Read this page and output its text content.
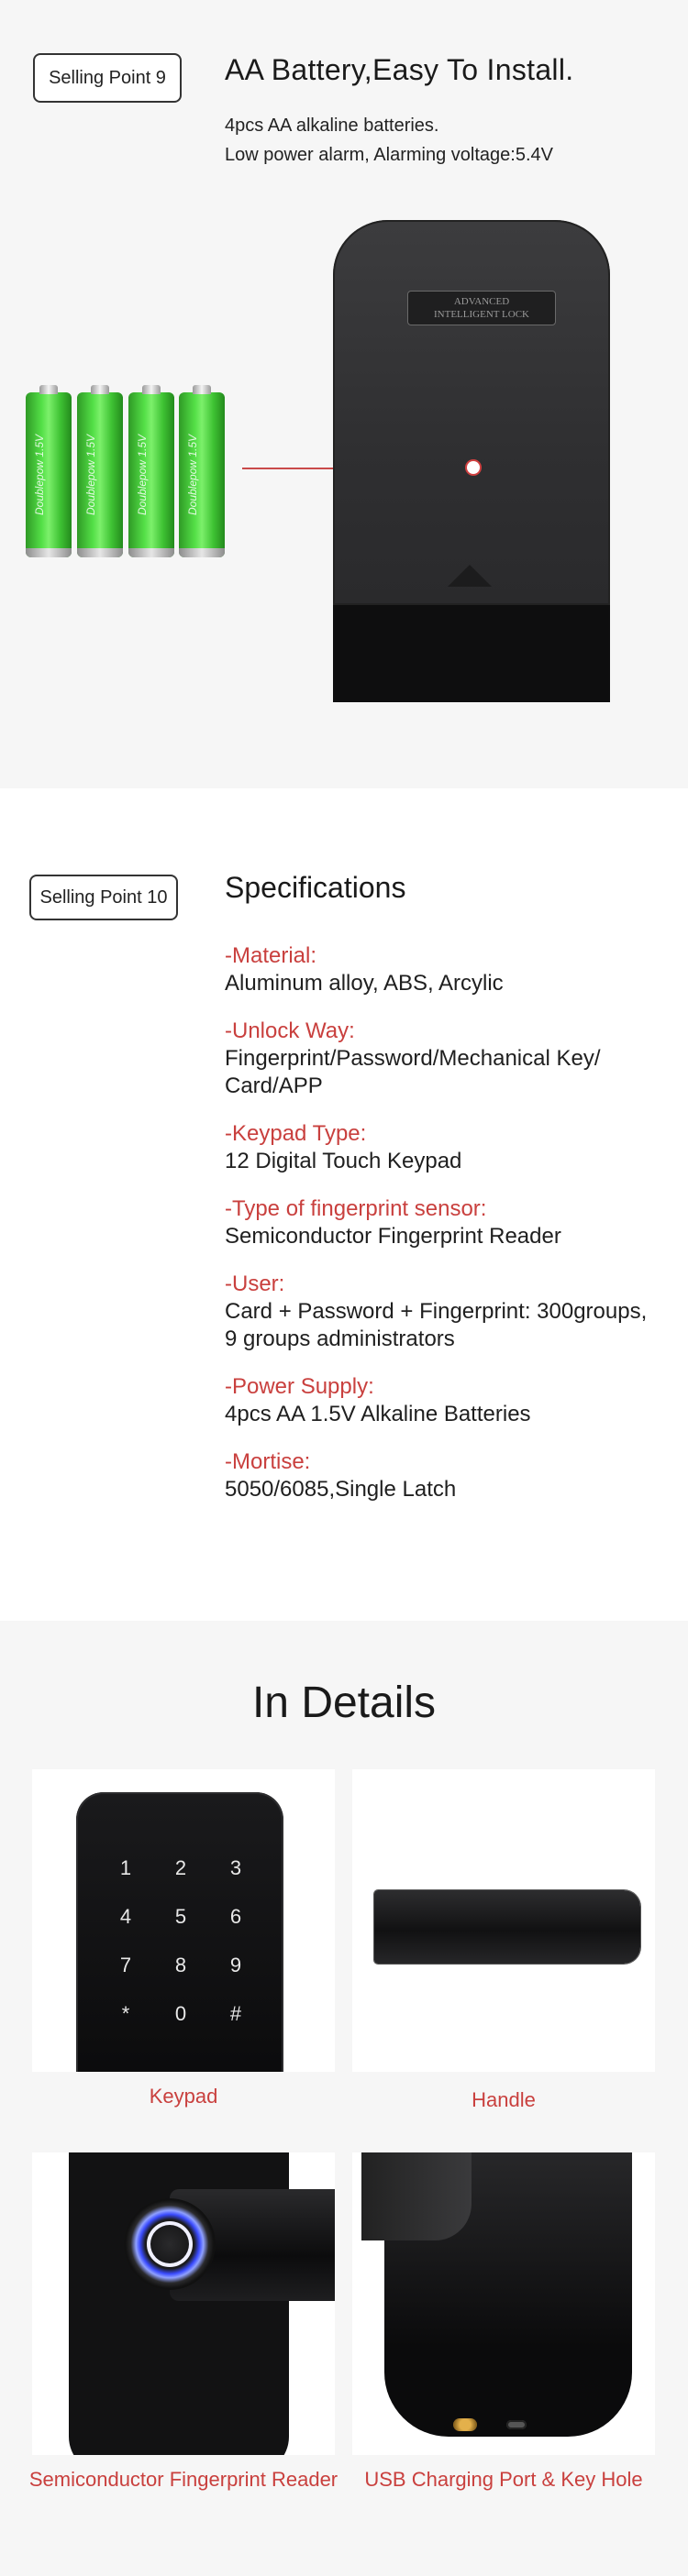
Selling Point 9	AA Battery,Easy To Install.
4pcs AA alkaline batteries.
Low power alarm, Alarming voltage:5.4V
Doublepow 1.5V	Doublepow 1.5V	Doublepow 1.5V	Doublepow 1.5V
ADVANCED
INTELLIGENT LOCK
Selling Point 10	Specifications
-Material:
Aluminum alloy, ABS, Arcylic
-Unlock Way:
Fingerprint/Password/Mechanical Key/ Card/APP
-Keypad Type:
12 Digital Touch Keypad
-Type of fingerprint sensor:
Semiconductor Fingerprint Reader
-User:
Card + Password + Fingerprint: 300groups, 9 groups administrators
-Power Supply:
4pcs AA 1.5V Alkaline Batteries
-Mortise:
5050/6085,Single Latch
In Details
1	2	3
4	5	6
7	8	9
*	0	#
Keypad	Handle
Semiconductor Fingerprint Reader	USB Charging Port & Key Hole
